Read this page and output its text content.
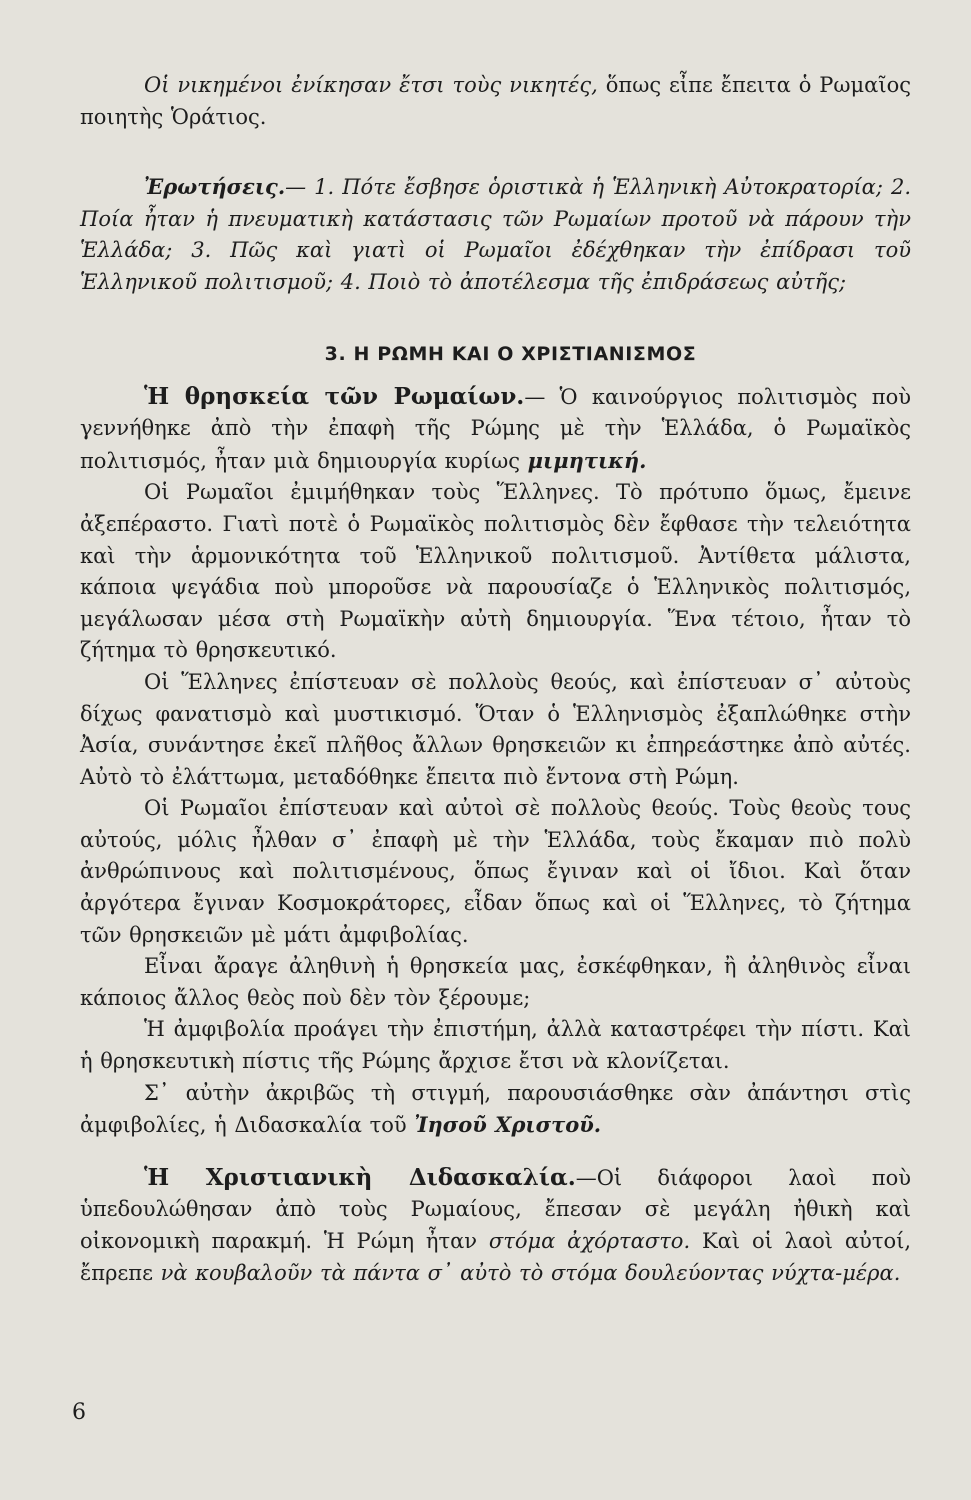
Οἱ νικημένοι ἐνίκησαν ἔτσι τοὺς νικητές, ὅπως εἶπε ἔπειτα ὁ Ρωμαῖος ποιητὴς Ὁράτιος.

Ἐρωτήσεις.— 1. Πότε ἔσβησε ὁριστικὰ ἡ Ἑλληνικὴ Αὐτοκρατορία; 2. Ποία ἦταν ἡ πνευματικὴ κατάστασις τῶν Ρωμαίων προτοῦ νὰ πάρουν τὴν Ἑλλάδα; 3. Πῶς καὶ γιατὶ οἱ Ρωμαῖοι ἐδέχθηκαν τὴν ἐπίδρασι τοῦ Ἑλληνικοῦ πολιτισμοῦ; 4. Ποιὸ τὸ ἀποτέλεσμα τῆς ἐπιδράσεως αὐτῆς;

3. Η ΡΩΜΗ ΚΑΙ Ο ΧΡΙΣΤΙΑΝΙΣΜΟΣ

Ἡ θρησκεία τῶν Ρωμαίων.— Ὁ καινούργιος πολιτισμὸς ποὺ γεννήθηκε ἀπὸ τὴν ἐπαφὴ τῆς Ρώμης μὲ τὴν Ἑλλάδα, ὁ Ρωμαϊκὸς πολιτισμός, ἦταν μιὰ δημιουργία κυρίως μιμητική.

Οἱ Ρωμαῖοι ἐμιμήθηκαν τοὺς Ἕλληνες. Τὸ πρότυπο ὅμως, ἔμεινε ἀξεπέραστο. Γιατὶ ποτὲ ὁ Ρωμαϊκὸς πολιτισμὸς δὲν ἔφθασε τὴν τελειότητα καὶ τὴν ἁρμονικότητα τοῦ Ἑλληνικοῦ πολιτισμοῦ. Ἀντίθετα μάλιστα, κάποια ψεγάδια ποὺ μποροῦσε νὰ παρουσίαζε ὁ Ἑλληνικὸς πολιτισμός, μεγάλωσαν μέσα στὴ Ρωμαϊκὴν αὐτὴ δημιουργία. Ἕνα τέτοιο, ἦταν τὸ ζήτημα τὸ θρησκευτικό.

Οἱ Ἕλληνες ἐπίστευαν σὲ πολλοὺς θεούς, καὶ ἐπίστευαν σ᾽ αὐτοὺς δίχως φανατισμὸ καὶ μυστικισμό. Ὅταν ὁ Ἑλληνισμὸς ἐξαπλώθηκε στὴν Ἀσία, συνάντησε ἐκεῖ πλῆθος ἄλλων θρησκειῶν κι ἐπηρεάστηκε ἀπὸ αὐτές. Αὐτὸ τὸ ἐλάττωμα, μεταδόθηκε ἔπειτα πιὸ ἔντονα στὴ Ρώμη.

Οἱ Ρωμαῖοι ἐπίστευαν καὶ αὐτοὶ σὲ πολλοὺς θεούς. Τοὺς θεοὺς τους αὐτούς, μόλις ἦλθαν σ᾽ ἐπαφὴ μὲ τὴν Ἑλλάδα, τοὺς ἔκαμαν πιὸ πολὺ ἀνθρώπινους καὶ πολιτισμένους, ὅπως ἔγιναν καὶ οἱ ἴδιοι. Καὶ ὅταν ἀργότερα ἔγιναν Κοσμοκράτορες, εἶδαν ὅπως καὶ οἱ Ἕλληνες, τὸ ζήτημα τῶν θρησκειῶν μὲ μάτι ἀμφιβολίας.

Εἶναι ἄραγε ἀληθινὴ ἡ θρησκεία μας, ἐσκέφθηκαν, ἢ ἀληθινὸς εἶναι κάποιος ἄλλος θεὸς ποὺ δὲν τὸν ξέρουμε;

Ἡ ἀμφιβολία προάγει τὴν ἐπιστήμη, ἀλλὰ καταστρέφει τὴν πίστι. Καὶ ἡ θρησκευτικὴ πίστις τῆς Ρώμης ἄρχισε ἔτσι νὰ κλονίζεται.

Σ᾽ αὐτὴν ἀκριβῶς τὴ στιγμή, παρουσιάσθηκε σὰν ἀπάντησι στὶς ἀμφιβολίες, ἡ Διδασκαλία τοῦ Ἰησοῦ Χριστοῦ.

Ἡ Χριστιανικὴ Διδασκαλία.—Οἱ διάφοροι λαοὶ ποὺ ὑπεδουλώθησαν ἀπὸ τοὺς Ρωμαίους, ἔπεσαν σὲ μεγάλη ἠθικὴ καὶ οἰκονομικὴ παρακμή. Ἡ Ρώμη ἦταν στόμα ἀχόρταστο. Καὶ οἱ λαοὶ αὐτοί, ἔπρεπε νὰ κουβαλοῦν τὰ πάντα σ᾽ αὐτὸ τὸ στόμα δουλεύοντας νύχτα-μέρα.

6
